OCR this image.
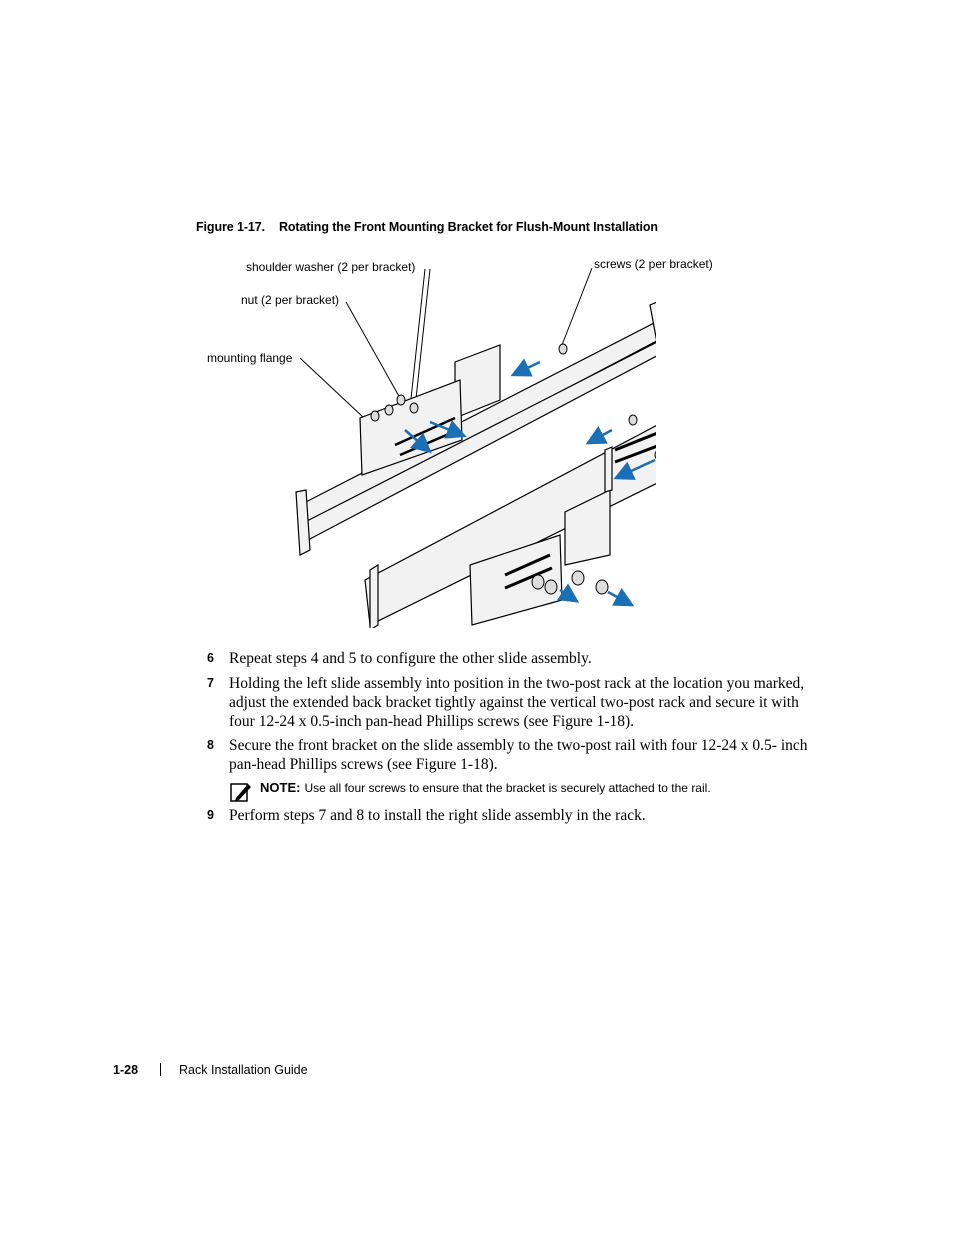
Figure 1-17. Rotating the Front Mounting Bracket for Flush-Mount Installation
shoulder washer (2 per bracket)	screws (2 per bracket)
nut (2 per bracket)
mounting flange
6 Repeat steps 4 and 5 to configure the other slide assembly.
7 Holding the left slide assembly into position in the two-post rack at the location you marked, adjust the extended back bracket tightly against the vertical two-post rack and secure it with four 12-24 x 0.5-inch pan-head Phillips screws (see Figure 1-18).
8 Secure the front bracket on the slide assembly to the two-post rail with four 12-24 x 0.5- inch pan-head Phillips screws (see Figure 1-18).
NOTE: Use all four screws to ensure that the bracket is securely attached to the rail.
9 Perform steps 7 and 8 to install the right slide assembly in the rack.
1-28	Rack Installation Guide
